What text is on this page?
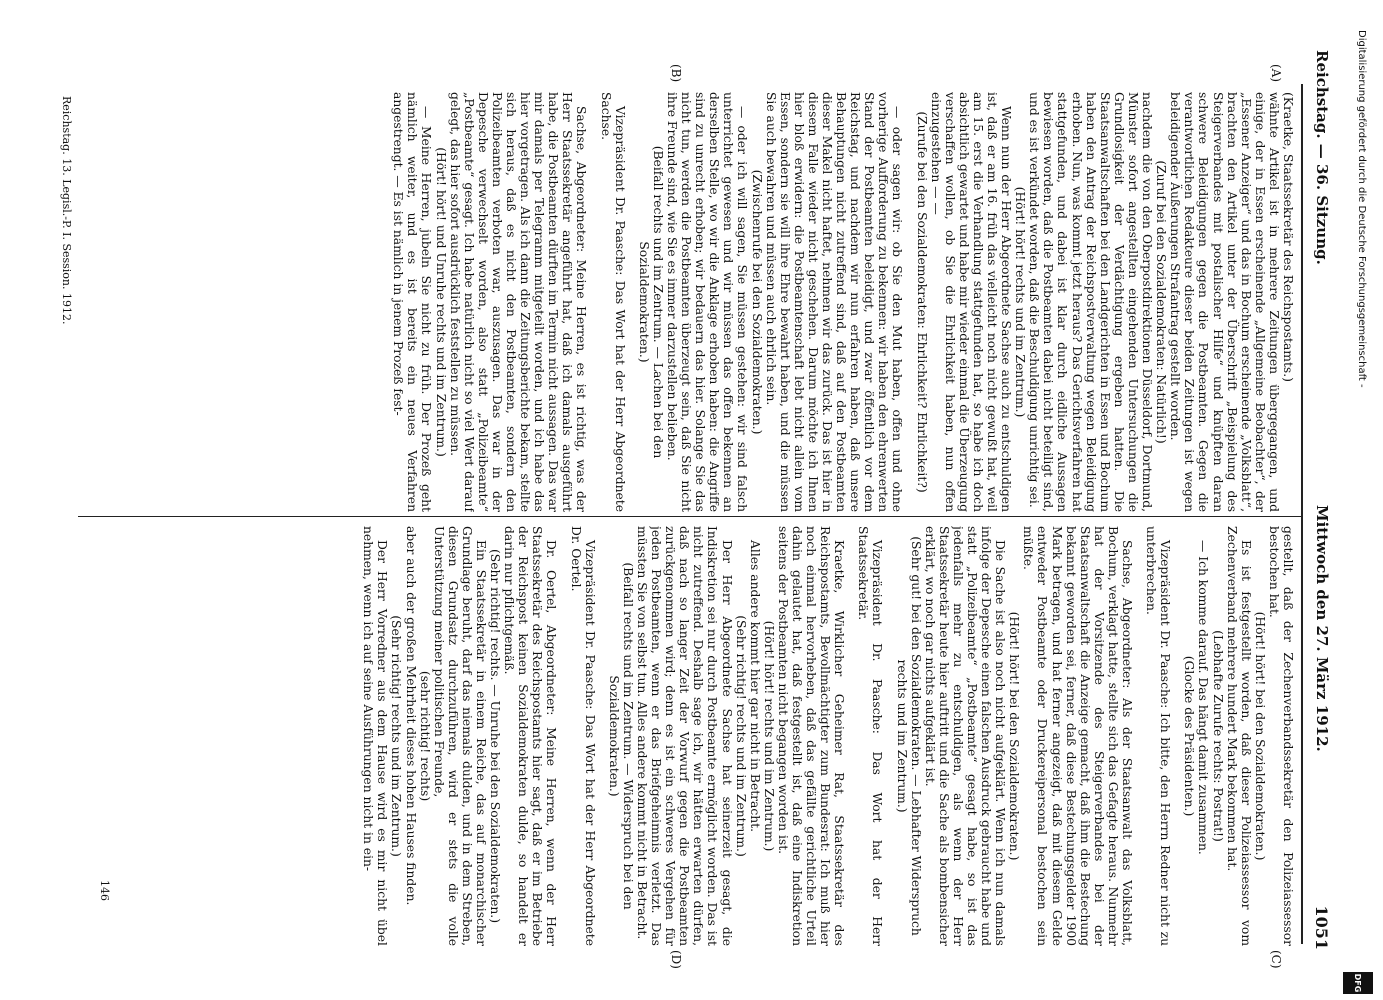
Digitalisierung gefördert durch die Deutsche Forschungsgemeinschaft -
DFG
Reichstag. — 36. Sitzung.
Mittwoch den 27. März 1912.
1051
(A)
(B)
(C)
(D)

(Kraetke, Staatssekretär des Reichspostamts.)

wähnte Artikel ist in mehrere Zeitungen übergegangen, und einige, der in Essen erscheinende „Allgemeine Beobachter“, der „Essener Anzeiger“ und das in Bochum erscheinende „Volksblatt“, brachten den Artikel unter der Überschrift „Beispielung des Steigerverbandes mit postalischer Hilfe“ und knüpften daran schwere Beleidigungen gegen die Postbeamten. Gegen die verantwortlichen Redakteure dieser beiden Zeitungen ist wegen beleidigender Äußerungen Strafantrag gestellt worden.

(Zuruf bei den Sozialdemokraten: Natürlich!)

nachdem die von den Oberpostdirektionen Düsseldorf, Dortmund, Münster sofort angestellten eingehenden Untersuchungen die Grundlosigkeit der Verdächtigung ergeben hatten. Die Staatsanwaltschaften bei den Landgerichten in Essen und Bochum haben den Antrag der Reichspostverwaltung wegen Beleidigung erhoben. Nun, was kommt jetzt heraus? Das Gerichtsverfahren hat stattgefunden, und dabei ist klar durch eidliche Aussagen bewiesen worden, daß die Postbeamten dabei nicht beteiligt sind, und es ist verkündet worden, daß die Beschuldigung unrichtig sei.

(Hört! hört! rechts und im Zentrum.)

Wenn nun der Herr Abgeordnete Sachse auch zu entschuldigen ist, daß er am 16. früh das vielleicht noch nicht gewußt hat, weil am 15. erst die Verhandlung stattgefunden hat, so habe ich doch absichtlich gewartet und habe mir wieder einmal die Überzeugung verschaffen wollen, ob Sie die Ehrlichkeit haben, nun offen einzugestehen — —

(Zurufe bei den Sozialdemokraten: Ehrlichkeit? Ehrlichkeit?)

— oder sagen wir: ob Sie den Mut haben, offen und ohne vorherige Aufforderung zu bekennen: wir haben den ehrenwerten Stand der Postbeamten beleidigt, und zwar öffentlich vor dem Reichstag, und nachdem wir nun erfahren haben, daß unsere Behauptungen nicht zutreffend sind, daß auf den Postbeamten dieser Makel nicht haftet, nehmen wir das zurück. Das ist hier in diesem Falle wieder nicht geschehen. Darum möchte ich Ihnen hier bloß erwidern: die Postbeamtenschaft lebt nicht allein vom Essen, sondern sie will ihre Ehre bewahrt haben, und die müssen Sie auch bewahren und müssen auch ehrlich sein.

(Zwischenrufe bei den Sozialdemokraten.)

— oder ich will sagen, Sie müssen gestehen: wir sind falsch unterrichtet gewesen und wir müssen das offen bekennen an derselben Stelle, wo wir die Anklage erhoben haben: die Angriffe sind zu unrecht erhoben; wir bedauern das hier. Solange Sie das nicht tun, werden die Postbeamten überzeugt sein, daß Sie nicht ihre Freunde sind, wie Sie es immer darzustellen belieben.

(Beifall rechts und im Zentrum. — Lachen bei den Sozialdemokraten.)

Vizepräsident Dr. Paasche: Das Wort hat der Herr Abgeordnete Sachse.

Sachse, Abgeordneter: Meine Herren, es ist richtig, was der Herr Staatssekretär angeführt hat, daß ich damals ausgeführt habe, die Postbeamten dürften im Termin nicht aussagen. Das war mir damals per Telegramm mitgeteilt worden, und ich habe das hier vorgetragen. Als ich dann die Zeitungsberichte bekam, stellte sich heraus, daß es nicht den Postbeamten, sondern den Polizeibeamten verboten war, auszusagen. Das war in der Depesche verwechselt worden, also statt „Polizeibeamte“ „Postbeamte“ gesagt. Ich habe natürlich nicht so viel Wert darauf gelegt, das hier sofort ausdrücklich feststellen zu müssen.

(Hört! hört! und Unruhe rechts und im Zentrum.)

— Meine Herren, jubeln Sie nicht zu früh. Der Prozeß geht nämlich weiter, und es ist bereits ein neues Verfahren angestrengt. — Es ist nämlich in jenem Prozeß fest-

gestellt, daß der Zechenverbandssekretär den Polizeiassessor bestochen hat.

(Hört! hört! bei den Sozialdemokraten.)

Es ist festgestellt worden, daß dieser Polizeiassessor vom Zechenverband mehrere hundert Mark bekommen hat.

(Lebhafte Zurufe rechts: Postrat!)

— Ich komme darauf. Das hängt damit zusammen.

(Glocke des Präsidenten.)

Vizepräsident Dr. Paasche: Ich bitte, den Herrn Redner nicht zu unterbrechen.

Sachse, Abgeordneter: Als der Staatsanwalt das Volksblatt, Bochum, verklagt hatte, stellte sich das Gefagte heraus. Nunmehr hat der Vorsitzende des Steigerverbandes bei der Staatsanwaltschaft die Anzeige gemacht, daß ihm die Bestechung bekannt geworden sei, ferner, daß diese Bestechungsgelder 1900 Mark betragen, und hat ferner angezeigt, daß mit diesem Gelde entweder Postbeamte oder Druckereipersonal bestochen sein müßte.

(Hört! hört! bei den Sozialdemokraten.)

Die Sache ist also noch nicht aufgeklärt. Wenn ich nun damals infolge der Depesche einen falschen Ausdruck gebraucht habe und statt „Polizeibeamte“ „Postbeamte“ gesagt habe, so ist das jedenfalls mehr zu entschuldigen, als wenn der Herr Staatssekretär heute hier auftritt und die Sache als bombensicher erklärt, wo noch gar nichts aufgeklärt ist.

(Sehr gut! bei den Sozialdemokraten. — Lebhafter Widerspruch rechts und im Zentrum.)

Vizepräsident Dr. Paasche: Das Wort hat der Herr Staatssekretär.

Kraetke, Wirklicher Geheimer Rat, Staatssekretär des Reichspostamts, Bevollmächtigter zum Bundesrat: Ich muß hier noch einmal hervorheben, daß das gefällte gerichtliche Urteil dahin gelautet hat, daß festgestellt ist, daß eine Indiskretion seitens der Postbeamten nicht begangen worden ist.

(Hört! hört! rechts und im Zentrum.)

Alles andere kommt hier gar nicht in Betracht.

(Sehr richtig! rechts und im Zentrum.)

Der Herr Abgeordnete Sachse hat seinerzeit gesagt, die Indiskretion sei nur durch Postbeamte ermöglicht worden. Das ist nicht zutreffend. Deshalb sage ich, wir hätten erwarten dürfen, daß nach so langer Zeit der Vorwurf gegen die Postbeamten zurückgenommen wird; denn es ist ein schweres Vergehen für jeden Postbeamten, wenn er das Briefgeheimnis verletzt. Das müssten Sie von selbst tun. Alles andere kommt nicht in Betracht.

(Beifall rechts und im Zentrum. — Widerspruch bei den Sozialdemokraten.)

Vizepräsident Dr. Paasche: Das Wort hat der Herr Abgeordnete Dr. Oertel.

Dr. Oertel, Abgeordneter: Meine Herren, wenn der Herr Staatssekretär des Reichspostamts hier sagt, daß er im Betriebe der Reichspost keinen Sozialdemokraten dulde, so handelt er darin nur pflichtgemäß.

(Sehr richtig! rechts. — Unruhe bei den Sozialdemokraten.)

Ein Staatssekretär in einem Reiche, das auf monarchischer Grundlage beruht, darf das niemals dulden, und in dem Streben, diesen Grundsatz durchzuführen, wird er stets die volle Unterstützung meiner politischen Freunde,

(sehr richtig! rechts)

aber auch der großen Mehrheit dieses hohen Hauses finden.

(Sehr richtig! rechts und im Zentrum.)

Der Herr Vorredner aus dem Hause wird es mir nicht übel nehmen, wenn ich auf seine Ausführungen nicht in ein-

Reichstag. 13. Legisl.-P. I. Session. 1912.
146
